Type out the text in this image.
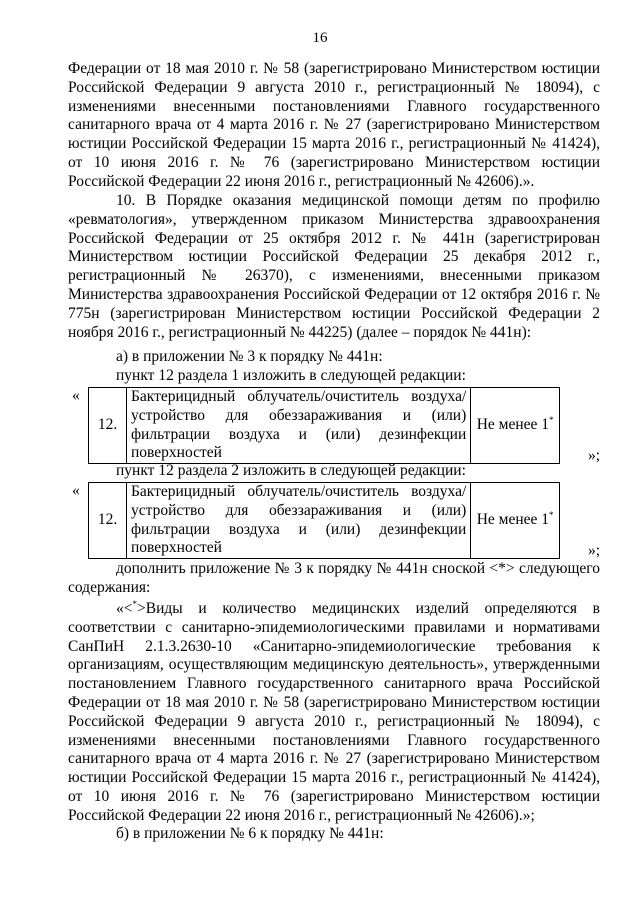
16
Федерации от 18 мая 2010 г. № 58 (зарегистрировано Министерством юстиции Российской Федерации 9 августа 2010 г., регистрационный № 18094), с изменениями внесенными постановлениями Главного государственного санитарного врача от 4 марта 2016 г. № 27 (зарегистрировано Министерством юстиции Российской Федерации 15 марта 2016 г., регистрационный № 41424), от 10 июня 2016 г. № 76 (зарегистрировано Министерством юстиции Российской Федерации 22 июня 2016 г., регистрационный № 42606).».
10. В Порядке оказания медицинской помощи детям по профилю «ревматология», утвержденном приказом Министерства здравоохранения Российской Федерации от 25 октября 2012 г. № 441н (зарегистрирован Министерством юстиции Российской Федерации 25 декабря 2012 г., регистрационный № 26370), с изменениями, внесенными приказом Министерства здравоохранения Российской Федерации от 12 октября 2016 г. № 775н (зарегистрирован Министерством юстиции Российской Федерации 2 ноября 2016 г., регистрационный № 44225) (далее – порядок № 441н):
а) в приложении № 3 к порядку № 441н:
пункт 12 раздела 1 изложить в следующей редакции:
«
12.	Бактерицидный облучатель/очиститель воздуха/устройство для обеззараживания и (или) фильтрации воздуха и (или) дезинфекции поверхностей	Не менее 1*
»;
пункт 12 раздела 2 изложить в следующей редакции:
«
12.	Бактерицидный облучатель/очиститель воздуха/устройство для обеззараживания и (или) фильтрации воздуха и (или) дезинфекции поверхностей	Не менее 1*
»;
дополнить приложение № 3 к порядку № 441н сноской <*> следующего содержания:
«<*>Виды и количество медицинских изделий определяются в соответствии с санитарно-эпидемиологическими правилами и нормативами СанПиН 2.1.3.2630-10 «Санитарно-эпидемиологические требования к организациям, осуществляющим медицинскую деятельность», утвержденными постановлением Главного государственного санитарного врача Российской Федерации от 18 мая 2010 г. № 58 (зарегистрировано Министерством юстиции Российской Федерации 9 августа 2010 г., регистрационный № 18094), с изменениями внесенными постановлениями Главного государственного санитарного врача от 4 марта 2016 г. № 27 (зарегистрировано Министерством юстиции Российской Федерации 15 марта 2016 г., регистрационный № 41424), от 10 июня 2016 г. № 76 (зарегистрировано Министерством юстиции Российской Федерации 22 июня 2016 г., регистрационный № 42606).»;
б) в приложении № 6 к порядку № 441н:
